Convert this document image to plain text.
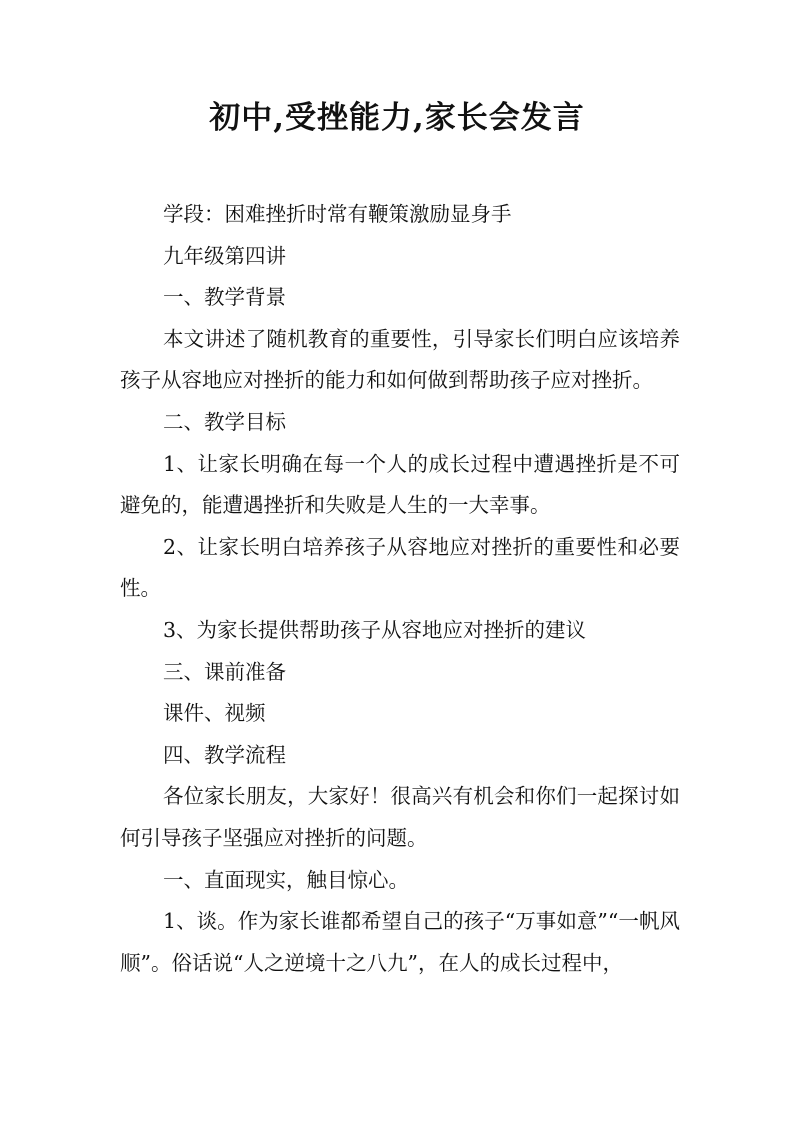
初中,受挫能力,家长会发言

学段：困难挫折时常有鞭策激励显身手

九年级第四讲

一、教学背景

本文讲述了随机教育的重要性，引导家长们明白应该培养孩子从容地应对挫折的能力和如何做到帮助孩子应对挫折。

二、教学目标

1、让家长明确在每一个人的成长过程中遭遇挫折是不可避免的，能遭遇挫折和失败是人生的一大幸事。

2、让家长明白培养孩子从容地应对挫折的重要性和必要性。

3、为家长提供帮助孩子从容地应对挫折的建议

三、课前准备

课件、视频

四、教学流程

各位家长朋友，大家好！很高兴有机会和你们一起探讨如何引导孩子坚强应对挫折的问题。

一、直面现实，触目惊心。

1、谈。作为家长谁都希望自己的孩子“万事如意”“一帆风顺”。俗话说“人之逆境十之八九”，在人的成长过程中，
